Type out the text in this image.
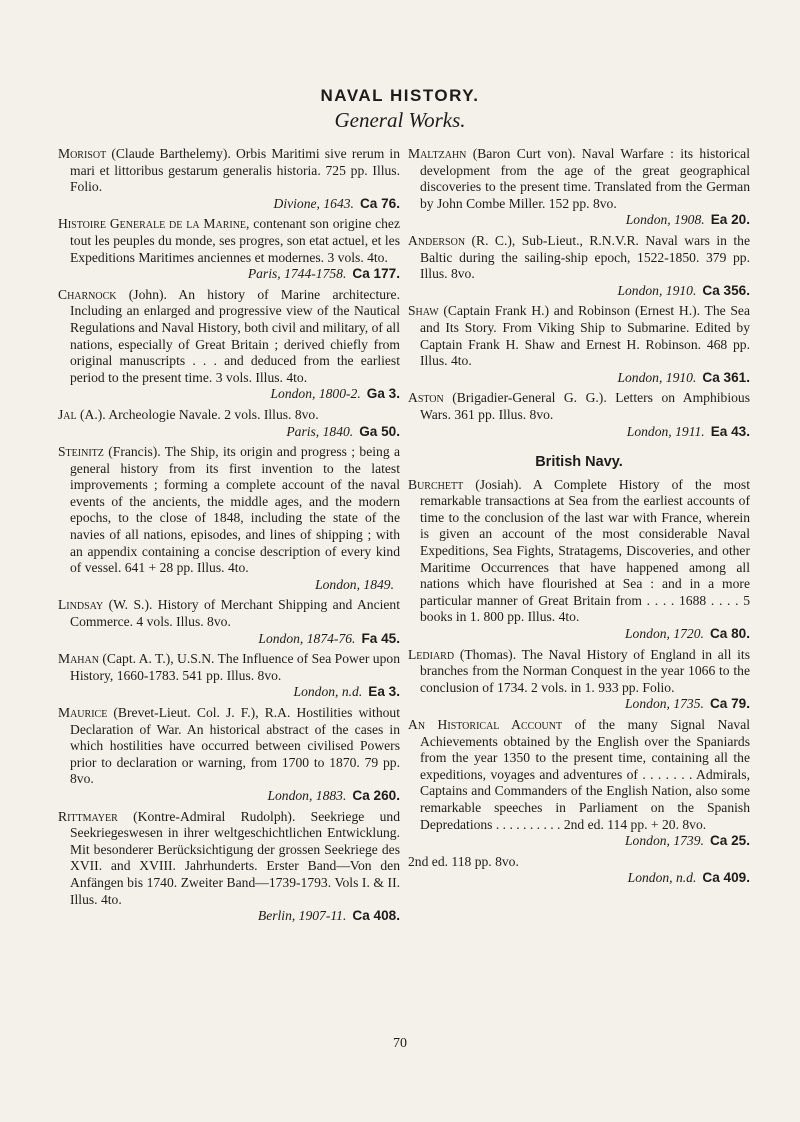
NAVAL HISTORY.
General Works.

Morisot (Claude Barthelemy). Orbis Maritimi sive rerum in mari et littoribus gestarum generalis historia. 725 pp. Illus. Folio.
Divione, 1643. Ca 76.

Histoire Generale de la Marine, contenant son origine chez tout les peuples du monde, ses progres, son etat actuel, et les Expeditions Maritimes anciennes et modernes. 3 vols. 4to.
Paris, 1744-1758. Ca 177.

Charnock (John). An history of Marine architecture. Including an enlarged and progressive view of the Nautical Regulations and Naval History, both civil and military, of all nations, especially of Great Britain ; derived chiefly from original manuscripts . . . and deduced from the earliest period to the present time. 3 vols. Illus. 4to.
London, 1800-2. Ga 3.

Jal (A.). Archeologie Navale. 2 vols. Illus. 8vo.
Paris, 1840. Ga 50.

Steinitz (Francis). The Ship, its origin and progress ; being a general history from its first invention to the latest improvements ; forming a complete account of the naval events of the ancients, the middle ages, and the modern epochs, to the close of 1848, including the state of the navies of all nations, episodes, and lines of shipping ; with an appendix containing a concise description of every kind of vessel. 641 + 28 pp. Illus. 4to.
London, 1849.

Lindsay (W. S.). History of Merchant Shipping and Ancient Commerce. 4 vols. Illus. 8vo.
London, 1874-76. Fa 45.

Mahan (Capt. A. T.), U.S.N. The Influence of Sea Power upon History, 1660-1783. 541 pp. Illus. 8vo.
London, n.d. Ea 3.

Maurice (Brevet-Lieut. Col. J. F.), R.A. Hostilities without Declaration of War. An historical abstract of the cases in which hostilities have occurred between civilised Powers prior to declaration or warning, from 1700 to 1870. 79 pp. 8vo.
London, 1883. Ca 260.

Rittmayer (Kontre-Admiral Rudolph). Seekriege und Seekriegeswesen in ihrer weltgeschichtlichen Entwicklung. Mit besonderer Berücksichtigung der grossen Seekriege des XVII. and XVIII. Jahrhunderts. Erster Band—Von den Anfängen bis 1740. Zweiter Band—1739-1793. Vols I. & II. Illus. 4to.
Berlin, 1907-11. Ca 408.

Maltzahn (Baron Curt von). Naval Warfare : its historical development from the age of the great geographical discoveries to the present time. Translated from the German by John Combe Miller. 152 pp. 8vo.
London, 1908. Ea 20.

Anderson (R. C.), Sub-Lieut., R.N.V.R. Naval wars in the Baltic during the sailing-ship epoch, 1522-1850. 379 pp. Illus. 8vo.
London, 1910. Ca 356.

Shaw (Captain Frank H.) and Robinson (Ernest H.). The Sea and Its Story. From Viking Ship to Submarine. Edited by Captain Frank H. Shaw and Ernest H. Robinson. 468 pp. Illus. 4to.
London, 1910. Ca 361.

Aston (Brigadier-General G. G.). Letters on Amphibious Wars. 361 pp. Illus. 8vo.
London, 1911. Ea 43.

British Navy.

Burchett (Josiah). A Complete History of the most remarkable transactions at Sea from the earliest accounts of time to the conclusion of the last war with France, wherein is given an account of the most considerable Naval Expeditions, Sea Fights, Stratagems, Discoveries, and other Maritime Occurrences that have happened among all nations which have flourished at Sea : and in a more particular manner of Great Britain from . . . . 1688 . . . . 5 books in 1. 800 pp. Illus. 4to.
London, 1720. Ca 80.

Lediard (Thomas). The Naval History of England in all its branches from the Norman Conquest in the year 1066 to the conclusion of 1734. 2 vols. in 1. 933 pp. Folio.
London, 1735. Ca 79.

An Historical Account of the many Signal Naval Achievements obtained by the English over the Spaniards from the year 1350 to the present time, containing all the expeditions, voyages and adventures of . . . . . . . Admirals, Captains and Commanders of the English Nation, also some remarkable speeches in Parliament on the Spanish Depredations . . . . . . . . . . 2nd ed. 114 pp. + 20. 8vo.
London, 1739. Ca 25.

2nd ed. 118 pp. 8vo.
London, n.d. Ca 409.

70
